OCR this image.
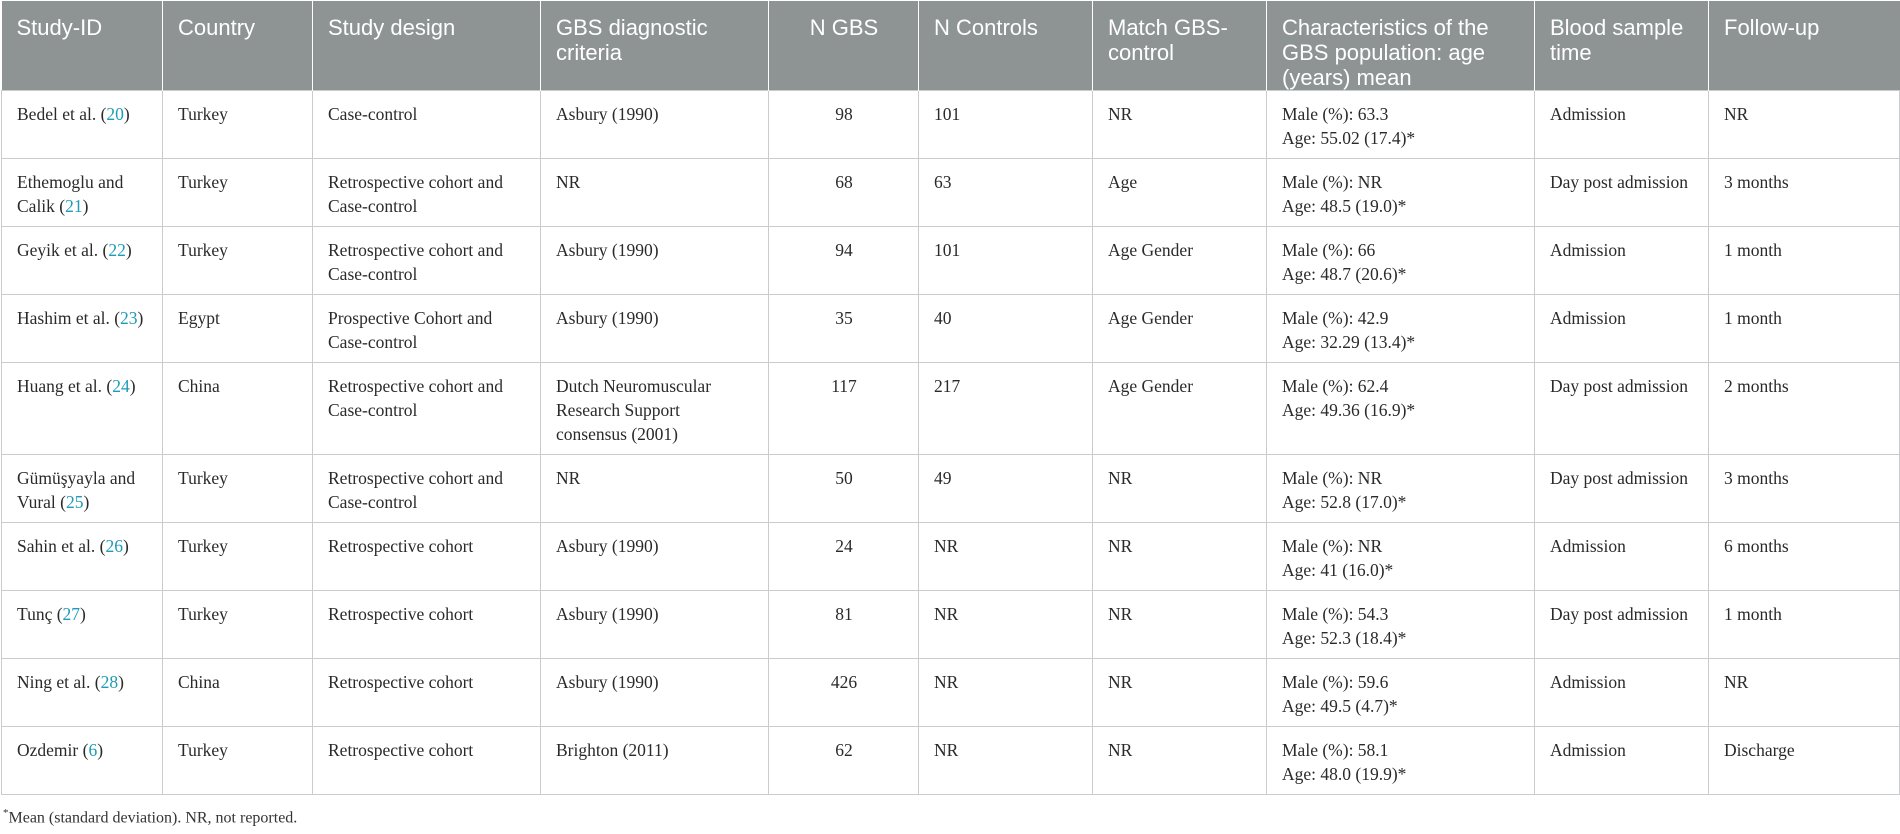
Study-ID	Country	Study design	GBS diagnostic criteria	N GBS	N Controls	Match GBS-control	Characteristics of the GBS population: age (years) mean	Blood sample time	Follow-up
Bedel et al. (20)	Turkey	Case-control	Asbury (1990)	98	101	NR	Male (%): 63.3
Age: 55.02 (17.4)*	Admission	NR
Ethemoglu and Calik (21)	Turkey	Retrospective cohort and Case-control	NR	68	63	Age	Male (%): NR
Age: 48.5 (19.0)*	Day post admission	3 months
Geyik et al. (22)	Turkey	Retrospective cohort and Case-control	Asbury (1990)	94	101	Age Gender	Male (%): 66
Age: 48.7 (20.6)*	Admission	1 month
Hashim et al. (23)	Egypt	Prospective Cohort and Case-control	Asbury (1990)	35	40	Age Gender	Male (%): 42.9
Age: 32.29 (13.4)*	Admission	1 month
Huang et al. (24)	China	Retrospective cohort and Case-control	Dutch Neuromuscular Research Support consensus (2001)	117	217	Age Gender	Male (%): 62.4
Age: 49.36 (16.9)*	Day post admission	2 months
Gümüşyayla and Vural (25)	Turkey	Retrospective cohort and Case-control	NR	50	49	NR	Male (%): NR
Age: 52.8 (17.0)*	Day post admission	3 months
Sahin et al. (26)	Turkey	Retrospective cohort	Asbury (1990)	24	NR	NR	Male (%): NR
Age: 41 (16.0)*	Admission	6 months
Tunç (27)	Turkey	Retrospective cohort	Asbury (1990)	81	NR	NR	Male (%): 54.3
Age: 52.3 (18.4)*	Day post admission	1 month
Ning et al. (28)	China	Retrospective cohort	Asbury (1990)	426	NR	NR	Male (%): 59.6
Age: 49.5 (4.7)*	Admission	NR
Ozdemir (6)	Turkey	Retrospective cohort	Brighton (2011)	62	NR	NR	Male (%): 58.1
Age: 48.0 (19.9)*	Admission	Discharge
*Mean (standard deviation). NR, not reported.
